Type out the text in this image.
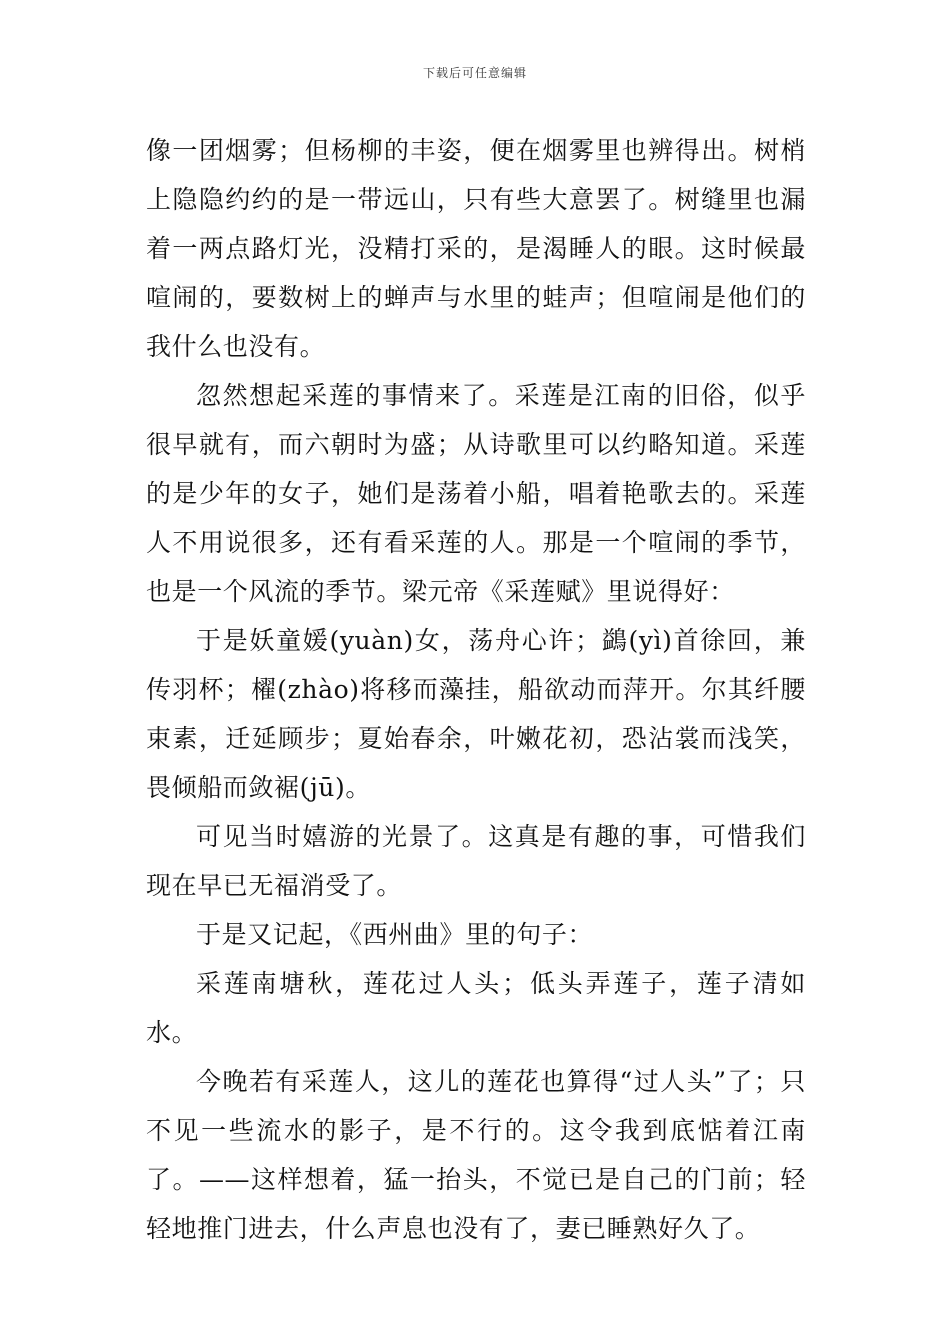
下载后可任意编辑

像一团烟雾；但杨柳的丰姿，便在烟雾里也辨得出。树梢上隐隐约约的是一带远山，只有些大意罢了。树缝里也漏着一两点路灯光，没精打采的，是渴睡人的眼。这时候最喧闹的，要数树上的蝉声与水里的蛙声；但喧闹是他们的我什么也没有。

忽然想起采莲的事情来了。采莲是江南的旧俗，似乎很早就有，而六朝时为盛；从诗歌里可以约略知道。采莲的是少年的女子，她们是荡着小船，唱着艳歌去的。采莲人不用说很多，还有看采莲的人。那是一个喧闹的季节，也是一个风流的季节。梁元帝《采莲赋》里说得好：

于是妖童媛(yuàn)女，荡舟心许；鷁(yì)首徐回，兼传羽杯；櫂(zhào)将移而藻挂，船欲动而萍开。尔其纤腰束素，迁延顾步；夏始春余，叶嫩花初，恐沾裳而浅笑，畏倾船而敛裾(jū)。

可见当时嬉游的光景了。这真是有趣的事，可惜我们现在早已无福消受了。

于是又记起，《西州曲》里的句子：

采莲南塘秋，莲花过人头；低头弄莲子，莲子清如水。

今晚若有采莲人，这儿的莲花也算得“过人头”了；只不见一些流水的影子，是不行的。这令我到底惦着江南了。——这样想着，猛一抬头，不觉已是自己的门前；轻轻地推门进去，什么声息也没有了，妻已睡熟好久了。
